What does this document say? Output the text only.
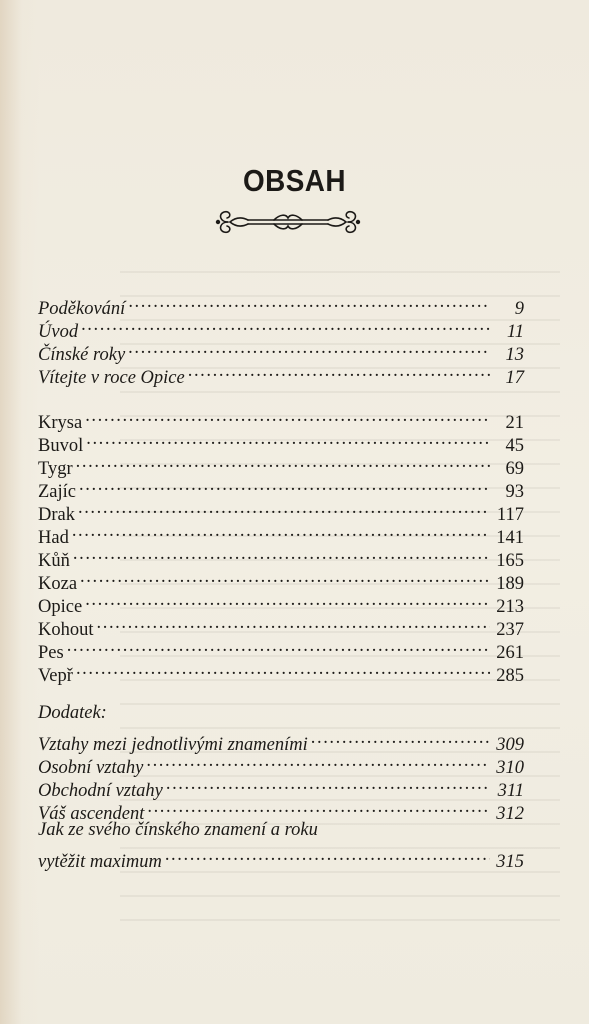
OBSAH
Poděkování .....	9
Úvod .....	11
Čínské roky .....	13
Vítejte v roce Opice .....	17
Krysa .....	21
Buvol .....	45
Tygr .....	69
Zajíc .....	93
Drak .....	117
Had .....	141
Kůň .....	165
Koza .....	189
Opice .....	213
Kohout .....	237
Pes .....	261
Vepř .....	285
Dodatek:
Vztahy mezi jednotlivými znameními .....	309
Osobní vztahy .....	310
Obchodní vztahy .....	311
Váš ascendent .....	312
Jak ze svého čínského znamení a roku
vytěžit maximum .....	315
